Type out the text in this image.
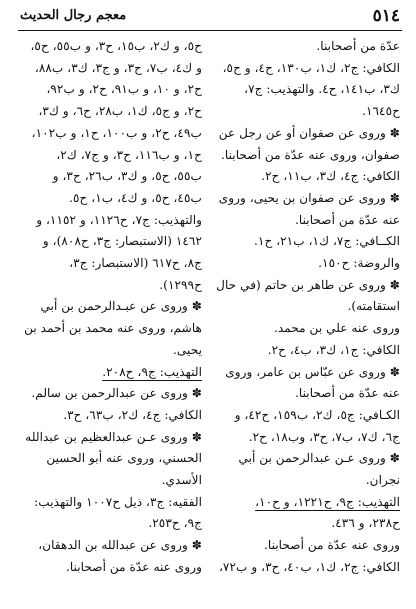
٥١٤
معجم رجال الحديث
عدّة من أصحابنا.
الكافي: ج٢، ك١، ب١٣٠، ح٤، و ح٥،
ك٣، ب١٤١، ح٤. والتهذيب: ج٧،
ح١٦٤٥.
✽ وروى عن صفوان أو عن رجل عن
صفوان، وروى عنه عدّة من أصحابنا.
الكافي: ج٤، ك٣، ب١١، ح٢.
✽ وروى عن صفوان بن يحيى، وروى
عنه عدّة من أصحابنا.
الكــافي: ج٧، ك١، ب٢١، ح١.
والروضة: ح١٥٠.
✽ وروى عن طاهر بن حاتم (في حال
استقامته).
وروى عنه علي بن محمد.
الكافي: ج١، ك٣، ب٤، ح٢.
✽ وروى عن عبّاس بن عامر، وروى
عنه عدّة من أصحابنا.
الكـافي: ج٥، ك٢، ب١٥٩، ح٤٢، و
ج٦، ك٧، ب٧، ح٣، وب١٨، ح٢.
✽ وروى عـن عبدالرحمن بن أبي
نجران.
التهذيب: ج٩، ح١٢٢١، و ح١٠،
ح٢٣٨، و ٤٣٦.
وروى عنه عدّة من أصحابنا.
الكافي: ج٢، ك١، ب٤٠، ح٣، و ب٧٢،
ح٥، و ك٢، ب١٥، ح٣، و ب٥٥، ح٥،
و ك٤، ب٧، ح٣، و ج٣، ك٣، ب٨٨،
ح٢، و ١٠، و ب٩١، ح٢، و ب٩٢،
ح٢، و ج٥، ك١، ب٢٨، ح٦، و ك٣،
ب٤٩، ح٢، و ب١٠٠، ح١، و ب١٠٢،
ح١، و ب١١٦، ح٣، و ج٧، ك٢،
ب٥٥، ح٥، و ك٣، ب٢٦، ح٣، و
ب٤٥، ح٥، و ك٤، ب١، ح٥.
والتهذيب: ج٧، ح١١٢٦، و ١١٥٢، و
١٤٦٢ (الاستبصار: ج٣، ح٨٠٨)، و
ج٨، ح٦١٧ (الاستبصار: ج٣،
ح١٢٩٩).
✽ وروى عن عبـدالرحمن بن أبي
هاشم، وروى عنه محمد بن أحمد بن
يحيى.
التهذيب: ج٩، ح٢٠٨.
✽ وروى عن عبدالرحمن بن سالم.
الكافي: ج٤، ك٢، ب٦٣، ح٣.
✽ وروى عـن عبدالعظيم بن عبدالله
الحسني، وروى عنه أبو الحسين
الأسدي.
الفقيه: ج٣، ذيل ح١٠٠٧ والتهذيب:
ج٩، ح٢٥٣.
✽ وروى عن عبدالله بن الدهقان،
وروى عنه عدّة من أصحابنا.
